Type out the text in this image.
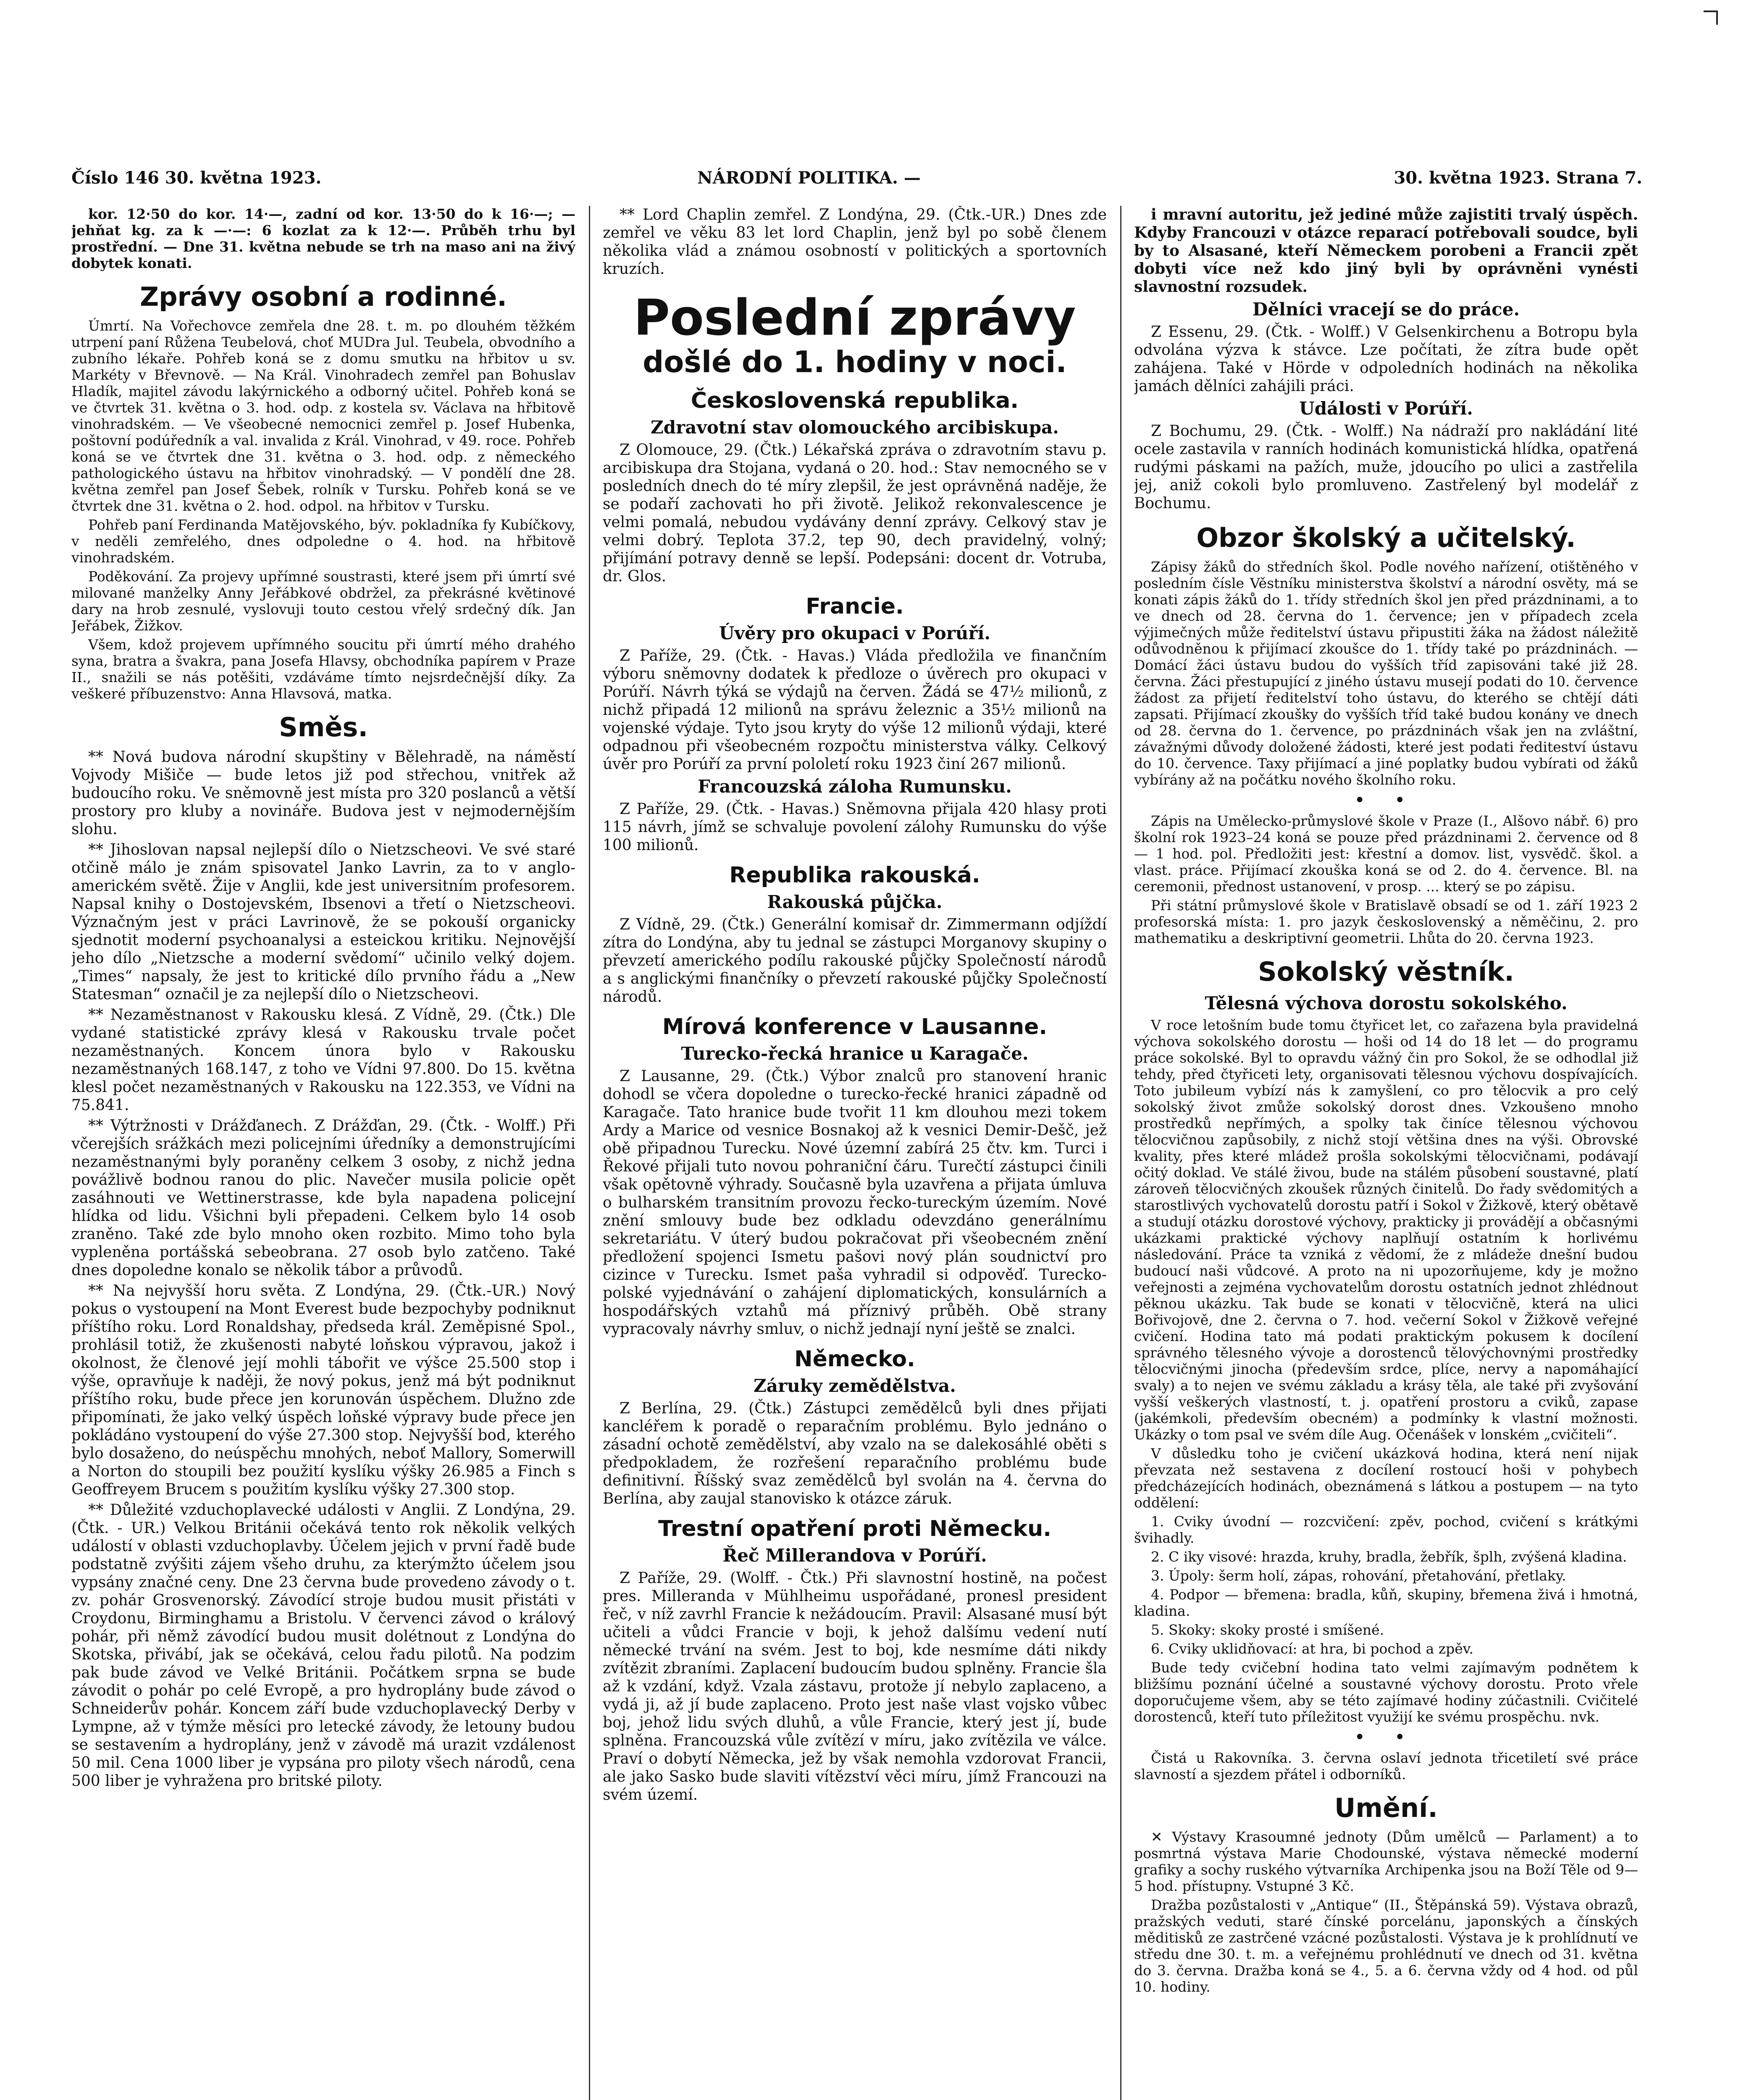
Číslo 146 30. května 1923.	NÁRODNÍ POLITIKA. —	30. května 1923. Strana 7.

kor. 12·50 do kor. 14·—, zadní od kor. 13·50 do k 16·—; — jehňat kg. za k —·—: 6 kozlat za k 12·—. Průběh trhu byl prostřední. — Dne 31. května nebude se trh na maso ani na živý dobytek konati.

Zprávy osobní a rodinné.

Úmrtí. Na Vořechovce zemřela dne 28. t. m. po dlouhém těžkém utrpení paní Růžena Teubelová, choť MUDra Jul. Teubela, obvodního a zubního lékaře. Pohřeb koná se z domu smutku na hřbitov u sv. Markéty v Břevnově. — Na Král. Vinohradech zemřel pan Bohuslav Hladík, majitel závodu lakýrnického a odborný učitel. Pohřeb koná se ve čtvrtek 31. května o 3. hod. odp. z kostela sv. Václava na hřbitově vinohradském. — Ve všeobecné nemocnici zemřel p. Josef Hubenka, poštovní podúředník a val. invalida z Král. Vinohrad, v 49. roce. Pohřeb koná se ve čtvrtek dne 31. května o 3. hod. odp. z německého pathologického ústavu na hřbitov vinohradský. — V pondělí dne 28. května zemřel pan Josef Šebek, rolník v Tursku. Pohřeb koná se ve čtvrtek dne 31. května o 2. hod. odpol. na hřbitov v Tursku.

Pohřeb paní Ferdinanda Matějovského, býv. pokladníka fy Kubíčkovy, v neděli zemřelého, dnes odpoledne o 4. hod. na hřbitově vinohradském.

Poděkování. Za projevy upřímné soustrasti, které jsem při úmrtí své milované manželky Anny Jeřábkové obdržel, za překrásné květinové dary na hrob zesnulé, vyslovuji touto cestou vřelý srdečný dík. Jan Jeřábek, Žižkov.

Všem, kdož projevem upřímného soucitu při úmrtí mého drahého syna, bratra a švakra, pana Josefa Hlavsy, obchodníka papírem v Praze II., snažili se nás potěšiti, vzdáváme tímto nejsrdečnější díky. Za veškeré příbuzenstvo: Anna Hlavsová, matka.

Směs.

** Nová budova národní skupštiny v Bělehradě, na náměstí Vojvody Mišiče — bude letos již pod střechou, vnitřek až budoucího roku. Ve sněmovně jest místa pro 320 poslanců a větší prostory pro kluby a novináře. Budova jest v nejmodernějším slohu.

** Jihoslovan napsal nejlepší dílo o Nietzscheovi. Ve své staré otčině málo je znám spisovatel Janko Lavrin, za to v anglo-americkém světě. Žije v Anglii, kde jest universitním profesorem. Napsal knihy o Dostojevském, Ibsenovi a třetí o Nietzscheovi. Význačným jest v práci Lavrinově, že se pokouší organicky sjednotit moderní psychoanalysi a esteickou kritiku. Nejnovější jeho dílo „Nietzsche a moderní svědomí“ učinilo velký dojem. „Times“ napsaly, že jest to kritické dílo prvního řádu a „New Statesman“ označil je za nejlepší dílo o Nietzscheovi.

** Nezaměstnanost v Rakousku klesá. Z Vídně, 29. (Čtk.) Dle vydané statistické zprávy klesá v Rakousku trvale počet nezaměstnaných. Koncem února bylo v Rakousku nezaměstnaných 168.147, z toho ve Vídni 97.800. Do 15. května klesl počet nezaměstnaných v Rakousku na 122.353, ve Vídni na 75.841.

** Výtržnosti v Drážďanech. Z Drážďan, 29. (Čtk. - Wolff.) Při včerejších srážkách mezi policejními úředníky a demonstrujícími nezaměstnanými byly poraněny celkem 3 osoby, z nichž jedna povážlivě bodnou ranou do plic. Navečer musila policie opět zasáhnouti ve Wettinerstrasse, kde byla napadena policejní hlídka od lidu. Všichni byli přepadeni. Celkem bylo 14 osob zraněno. Také zde bylo mnoho oken rozbito. Mimo toho byla vypleněna portášská sebeobrana. 27 osob bylo zatčeno. Také dnes dopoledne konalo se několik tábor a průvodů.

** Na nejvyšší horu světa. Z Londýna, 29. (Čtk.-UR.) Nový pokus o vystoupení na Mont Everest bude bezpochyby podniknut příštího roku. Lord Ronaldshay, předseda král. Zeměpisné Spol., prohlásil totiž, že zkušenosti nabyté loňskou výpravou, jakož i okolnost, že členové její mohli tábořit ve výšce 25.500 stop i výše, opravňuje k naději, že nový pokus, jenž má být podniknut příštího roku, bude přece jen korunován úspěchem. Dlužno zde připomínati, že jako velký úspěch loňské výpravy bude přece jen pokládáno vystoupení do výše 27.300 stop. Nejvyšší bod, kterého bylo dosaženo, do neúspěchu mnohých, neboť Mallory, Somerwill a Norton do stoupili bez použití kyslíku výšky 26.985 a Finch s Geoffreyem Brucem s použitím kyslíku výšky 27.300 stop.

** Důležité vzduchoplavecké události v Anglii. Z Londýna, 29. (Čtk. - UR.) Velkou Británii očekává tento rok několik velkých událostí v oblasti vzduchoplavby. Účelem jejich v první řadě bude podstatně zvýšiti zájem všeho druhu, za kterýmžto účelem jsou vypsány značné ceny. Dne 23 června bude provedeno závody o t. zv. pohár Grosvenorský. Závodící stroje budou musit přistáti v Croydonu, Birminghamu a Bristolu. V červenci závod o králový pohár, při němž závodící budou musit dolétnout z Londýna do Skotska, přivábí, jak se očekává, celou řadu pilotů. Na podzim pak bude závod ve Velké Británii. Počátkem srpna se bude závodit o pohár po celé Evropě, a pro hydroplány bude závod o Schneiderův pohár. Koncem září bude vzduchoplavecký Derby v Lympne, až v týmže měsíci pro letecké závody, že letouny budou se sestavením a hydroplány, jenž v závodě má urazit vzdálenost 50 mil. Cena 1000 liber je vypsána pro piloty všech národů, cena 500 liber je vyhražena pro britské piloty.

** Lord Chaplin zemřel. Z Londýna, 29. (Čtk.-UR.) Dnes zde zemřel ve věku 83 let lord Chaplin, jenž byl po sobě členem několika vlád a známou osobností v politických a sportovních kruzích.

Poslední zprávy
došlé do 1. hodiny v noci.
Československá republika.
Zdravotní stav olomouckého arcibiskupa.

Z Olomouce, 29. (Čtk.) Lékařská zpráva o zdravotním stavu p. arcibiskupa dra Stojana, vydaná o 20. hod.: Stav nemocného se v posledních dnech do té míry zlepšil, že jest oprávněná naděje, že se podaří zachovati ho při životě. Jelikož rekonvalescence je velmi pomalá, nebudou vydávány denní zprávy. Celkový stav je velmi dobrý. Teplota 37.2, tep 90, dech pravidelný, volný; přijímání potravy denně se lepší. Podepsáni: docent dr. Votruba, dr. Glos.

Francie.
Úvěry pro okupaci v Porúří.

Z Paříže, 29. (Čtk. - Havas.) Vláda předložila ve finančním výboru sněmovny dodatek k předloze o úvěrech pro okupaci v Porúří. Návrh týká se výdajů na červen. Žádá se 47½ milionů, z nichž připadá 12 milionů na správu železnic a 35½ milionů na vojenské výdaje. Tyto jsou kryty do výše 12 milionů výdaji, které odpadnou při všeobecném rozpočtu ministerstva války. Celkový úvěr pro Porúří za první pololetí roku 1923 činí 267 milionů.

Francouzská záloha Rumunsku.

Z Paříže, 29. (Čtk. - Havas.) Sněmovna přijala 420 hlasy proti 115 návrh, jímž se schvaluje povolení zálohy Rumunsku do výše 100 milionů.

Republika rakouská.
Rakouská půjčka.

Z Vídně, 29. (Čtk.) Generální komisař dr. Zimmermann odjíždí zítra do Londýna, aby tu jednal se zástupci Morganovy skupiny o převzetí amerického podílu rakouské půjčky Společností národů a s anglickými finančníky o převzetí rakouské půjčky Společností národů.

Mírová konference v Lausanne.
Turecko-řecká hranice u Karagače.

Z Lausanne, 29. (Čtk.) Výbor znalců pro stanovení hranic dohodl se včera dopoledne o turecko-řecké hranici západně od Karagače. Tato hranice bude tvořit 11 km dlouhou mezi tokem Ardy a Marice od vesnice Bosnakoj až k vesnici Demir-Dešč, jež obě připadnou Turecku. Nové územní zabírá 25 čtv. km. Turci i Řekové přijali tuto novou pohraniční čáru. Turečtí zástupci činili však opětovně výhrady. Současně byla uzavřena a přijata úmluva o bulharském transitním provozu řecko-tureckým územím. Nové znění smlouvy bude bez odkladu odevzdáno generálnímu sekretariátu. V úterý budou pokračovat při všeobecném znění předložení spojenci Ismetu pašovi nový plán soudnictví pro cizince v Turecku. Ismet paša vyhradil si odpověď. Turecko-polské vyjednávání o zahájení diplomatických, konsulárních a hospodářských vztahů má příznivý průběh. Obě strany vypracovaly návrhy smluv, o nichž jednají nyní ještě se znalci.

Německo.
Záruky zemědělstva.

Z Berlína, 29. (Čtk.) Zástupci zemědělců byli dnes přijati kancléřem k poradě o reparačním problému. Bylo jednáno o zásadní ochotě zemědělství, aby vzalo na se dalekosáhlé oběti s předpokladem, že rozřešení reparačního problému bude definitivní. Říšský svaz zemědělců byl svolán na 4. června do Berlína, aby zaujal stanovisko k otázce záruk.

Trestní opatření proti Německu.
Řeč Millerandova v Porúří.

Z Paříže, 29. (Wolff. - Čtk.) Při slavnostní hostině, na počest pres. Milleranda v Mühlheimu uspořádané, pronesl president řeč, v níž zavrhl Francie k nežádoucím. Pravil: Alsasané musí být učiteli a vůdci Francie v boji, k jehož dalšímu vedení nutí německé trvání na svém. Jest to boj, kde nesmíme dáti nikdy zvítězit zbraními. Zaplacení budoucím budou splněny. Francie šla až k vzdání, když. Vzala zástavu, protože jí nebylo zaplaceno, a vydá ji, až jí bude zaplaceno. Proto jest naše vlast vojsko vůbec boj, jehož lidu svých dluhů, a vůle Francie, který jest jí, bude splněna. Francouzská vůle zvítězí v míru, jako zvítězila ve válce. Praví o dobytí Německa, jež by však nemohla vzdorovat Francii, ale jako Sasko bude slaviti vítězství věci míru, jímž Francouzi na svém území.

i mravní autoritu, jež jediné může zajistiti trvalý úspěch. Kdyby Francouzi v otázce reparací potřebovali soudce, byli by to Alsasané, kteří Německem porobeni a Francii zpět dobyti více než kdo jiný byli by oprávněni vynésti slavnostní rozsudek.

Dělníci vracejí se do práce.

Z Essenu, 29. (Čtk. - Wolff.) V Gelsenkirchenu a Botropu byla odvolána výzva k stávce. Lze počítati, že zítra bude opět zahájena. Také v Hörde v odpoledních hodinách na několika jamách dělníci zahájili práci.

Události v Porúří.

Z Bochumu, 29. (Čtk. - Wolff.) Na nádraží pro nakládání lité ocele zastavila v ranních hodinách komunistická hlídka, opatřená rudými páskami na pažích, muže, jdoucího po ulici a zastřelila jej, aniž cokoli bylo promluveno. Zastřelený byl modelář z Bochumu.

Obzor školský a učitelský.

Zápisy žáků do středních škol. Podle nového nařízení, otištěného v posledním čísle Věstníku ministerstva školství a národní osvěty, má se konati zápis žáků do 1. třídy středních škol jen před prázdninami, a to ve dnech od 28. června do 1. července; jen v případech zcela výjimečných může ředitelství ústavu připustiti žáka na žádost náležitě odůvodněnou k přijímací zkoušce do 1. třídy také po prázdninách. — Domácí žáci ústavu budou do vyšších tříd zapisováni také již 28. června. Žáci přestupující z jiného ústavu musejí podati do 10. července žádost za přijetí ředitelství toho ústavu, do kterého se chtějí dáti zapsati. Přijímací zkoušky do vyšších tříd také budou konány ve dnech od 28. června do 1. července, po prázdninách však jen na zvláštní, závažnými důvody doložené žádosti, které jest podati řediteství ústavu do 10. července. Taxy přijímací a jiné poplatky budou vybírati od žáků vybírány až na počátku nového školního roku.

• •

Zápis na Umělecko-průmyslové škole v Praze (I., Alšovo nábř. 6) pro školní rok 1923–24 koná se pouze před prázdninami 2. července od 8 — 1 hod. pol. Předložiti jest: křestní a domov. list, vysvědč. škol. a vlast. práce. Přijímací zkouška koná se od 2. do 4. července. Bl. na ceremonii, přednost ustanovení, v prosp. ... který se po zápisu.

Při státní průmyslové škole v Bratislavě obsadí se od 1. září 1923 2 profesorská místa: 1. pro jazyk československý a něměčinu, 2. pro mathematiku a deskriptivní geometrii. Lhůta do 20. června 1923.

Sokolský věstník.
Tělesná výchova dorostu sokolského.

V roce letošním bude tomu čtyřicet let, co zařazena byla pravidelná výchova sokolského dorostu — hoši od 14 do 18 let — do programu práce sokolské. Byl to opravdu vážný čin pro Sokol, že se odhodlal již tehdy, před čtyřiceti lety, organisovati tělesnou výchovu dospívajících. Toto jubileum vybízí nás k zamyšlení, co pro tělocvik a pro celý sokolský život zmůže sokolský dorost dnes. Vzkoušeno mnoho prostředků nepřímých, a spolky tak činíce tělesnou výchovou tělocvičnou zapůsobily, z nichž stojí většina dnes na výši. Obrovské kvality, přes které mládež prošla sokolskými tělocvičnami, podávají očitý doklad. Ve stálé živou, bude na stálém působení soustavné, platí zároveň tělocvičných zkoušek různých činitelů. Do řady svědomitých a starostlivých vychovatelů dorostu patří i Sokol v Žižkově, který obětavě a studují otázku dorostové výchovy, prakticky ji provádějí a občasnými ukázkami praktické výchovy naplňují ostatním k horlivému následování. Práce ta vzniká z vědomí, že z mládeže dnešní budou budoucí naši vůdcové. A proto na ni upozorňujeme, kdy je možno veřejnosti a zejména vychovatelům dorostu ostatních jednot zhlédnout pěknou ukázku. Tak bude se konati v tělocvičně, která na ulici Bořivojově, dne 2. června o 7. hod. večerní Sokol v Žižkově veřejné cvičení. Hodina tato má podati praktickým pokusem k docílení správného tělesného vývoje a dorostenců tělovýchovnými prostředky tělocvičnými jinocha (především srdce, plíce, nervy a napomáhající svaly) a to nejen ve svému základu a krásy těla, ale také při zvyšování vyšší veškerých vlastností, t. j. opatření prostoru a cviků, zapase (jakémkoli, především obecném) a podmínky k vlastní možnosti. Ukázky o tom psal ve svém díle Aug. Očenášek v lonském „cvičiteli“.

V důsledku toho je cvičení ukázková hodina, která není nijak převzata než sestavena z docílení rostoucí hoši v pohybech předcházejících hodinách, obeznámená s látkou a postupem — na tyto oddělení:

1. Cviky úvodní — rozcvičení: zpěv, pochod, cvičení s krátkými švihadly.

2. C iky visové: hrazda, kruhy, bradla, žebřík, šplh, zvýšená kladina.

3. Úpoly: šerm holí, zápas, rohování, přetahování, přetlaky.

4. Podpor — břemena: bradla, kůň, skupiny, břemena živá i hmotná, kladina.

5. Skoky: skoky prosté i smíšené.

6. Cviky uklidňovací: at hra, bi pochod a zpěv.

Bude tedy cvičební hodina tato velmi zajímavým podnětem k bližšímu poznání účelné a soustavné výchovy dorostu. Proto vřele doporučujeme všem, aby se této zajímavé hodiny zúčastnili. Cvičitelé dorostenců, kteří tuto příležitost využijí ke svému prospěchu. nvk.

• •

Čistá u Rakovníka. 3. června oslaví jednota třicetiletí své práce slavností a sjezdem přátel i odborníků.

Umění.

✕ Výstavy Krasoumné jednoty (Dům umělců — Parlament) a to posmrtná výstava Marie Chodounské, výstava německé moderní grafiky a sochy ruského výtvarníka Archipenka jsou na Boží Těle od 9—5 hod. přístupny. Vstupné 3 Kč.

Dražba pozůstalosti v „Antique“ (II., Štěpánská 59). Výstava obrazů, pražských veduti, staré čínské porcelánu, japonských a čínských měditisků ze zastrčené vzácné pozůstalosti. Výstava je k prohlídnutí ve středu dne 30. t. m. a veřejnému prohlédnutí ve dnech od 31. května do 3. června. Dražba koná se 4., 5. a 6. června vždy od 4 hod. od půl 10. hodiny.
